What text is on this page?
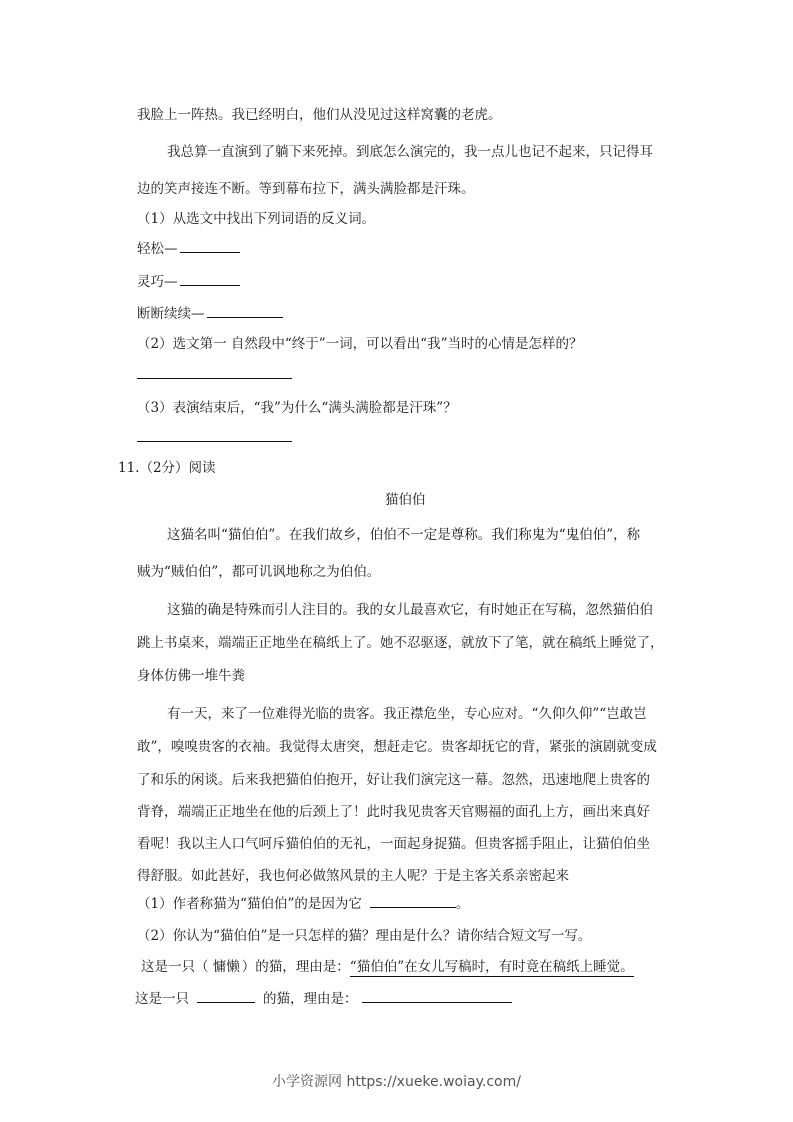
我脸上一阵热。我已经明白，他们从没见过这样窝囊的老虎。
我总算一直演到了躺下来死掉。到底怎么演完的，我一点儿也记不起来，只记得耳
边的笑声接连不断。等到幕布拉下，满头满脸都是汗珠。
（1）从选文中找出下列词语的反义词。
轻松—
灵巧—
断断续续—
（2）选文第一 自然段中“终于”一词，可以看出“我”当时的心情是怎样的？
（3）表演结束后，“我”为什么“满头满脸都是汗珠”？
11.（2分）阅读
猫伯伯
这猫名叫“猫伯伯”。在我们故乡，伯伯不一定是尊称。我们称鬼为“鬼伯伯”，称
贼为“贼伯伯”，都可讥讽地称之为伯伯。
这猫的确是特殊而引人注目的。我的女儿最喜欢它，有时她正在写稿，忽然猫伯伯
跳上书桌来，端端正正地坐在稿纸上了。她不忍驱逐，就放下了笔，就在稿纸上睡觉了，
身体仿佛一堆牛粪
有一天，来了一位难得光临的贵客。我正襟危坐，专心应对。“久仰久仰”“岂敢岂
敢”，嗅嗅贵客的衣袖。我觉得太唐突，想赶走它。贵客却抚它的背，紧张的演剧就变成
了和乐的闲谈。后来我把猫伯伯抱开，好让我们演完这一幕。忽然，迅速地爬上贵客的
背脊，端端正正地坐在他的后颈上了！此时我见贵客天官赐福的面孔上方，画出来真好
看呢！我以主人口气呵斥猫伯伯的无礼，一面起身捉猫。但贵客摇手阻止，让猫伯伯坐
得舒服。如此甚好，我也何必做煞风景的主人呢？于是主客关系亲密起来
（1）作者称猫为“猫伯伯”的是因为它	。
（2）你认为“猫伯伯”是一只怎样的猫？理由是什么？请你结合短文写一写。
这是一只（ 慵懒 ）的猫，理由是：“猫伯伯”在女儿写稿时，有时竟在稿纸上睡觉。
这是一只	的猫，理由是：
小学资源网 https://xueke.woiay.com/
